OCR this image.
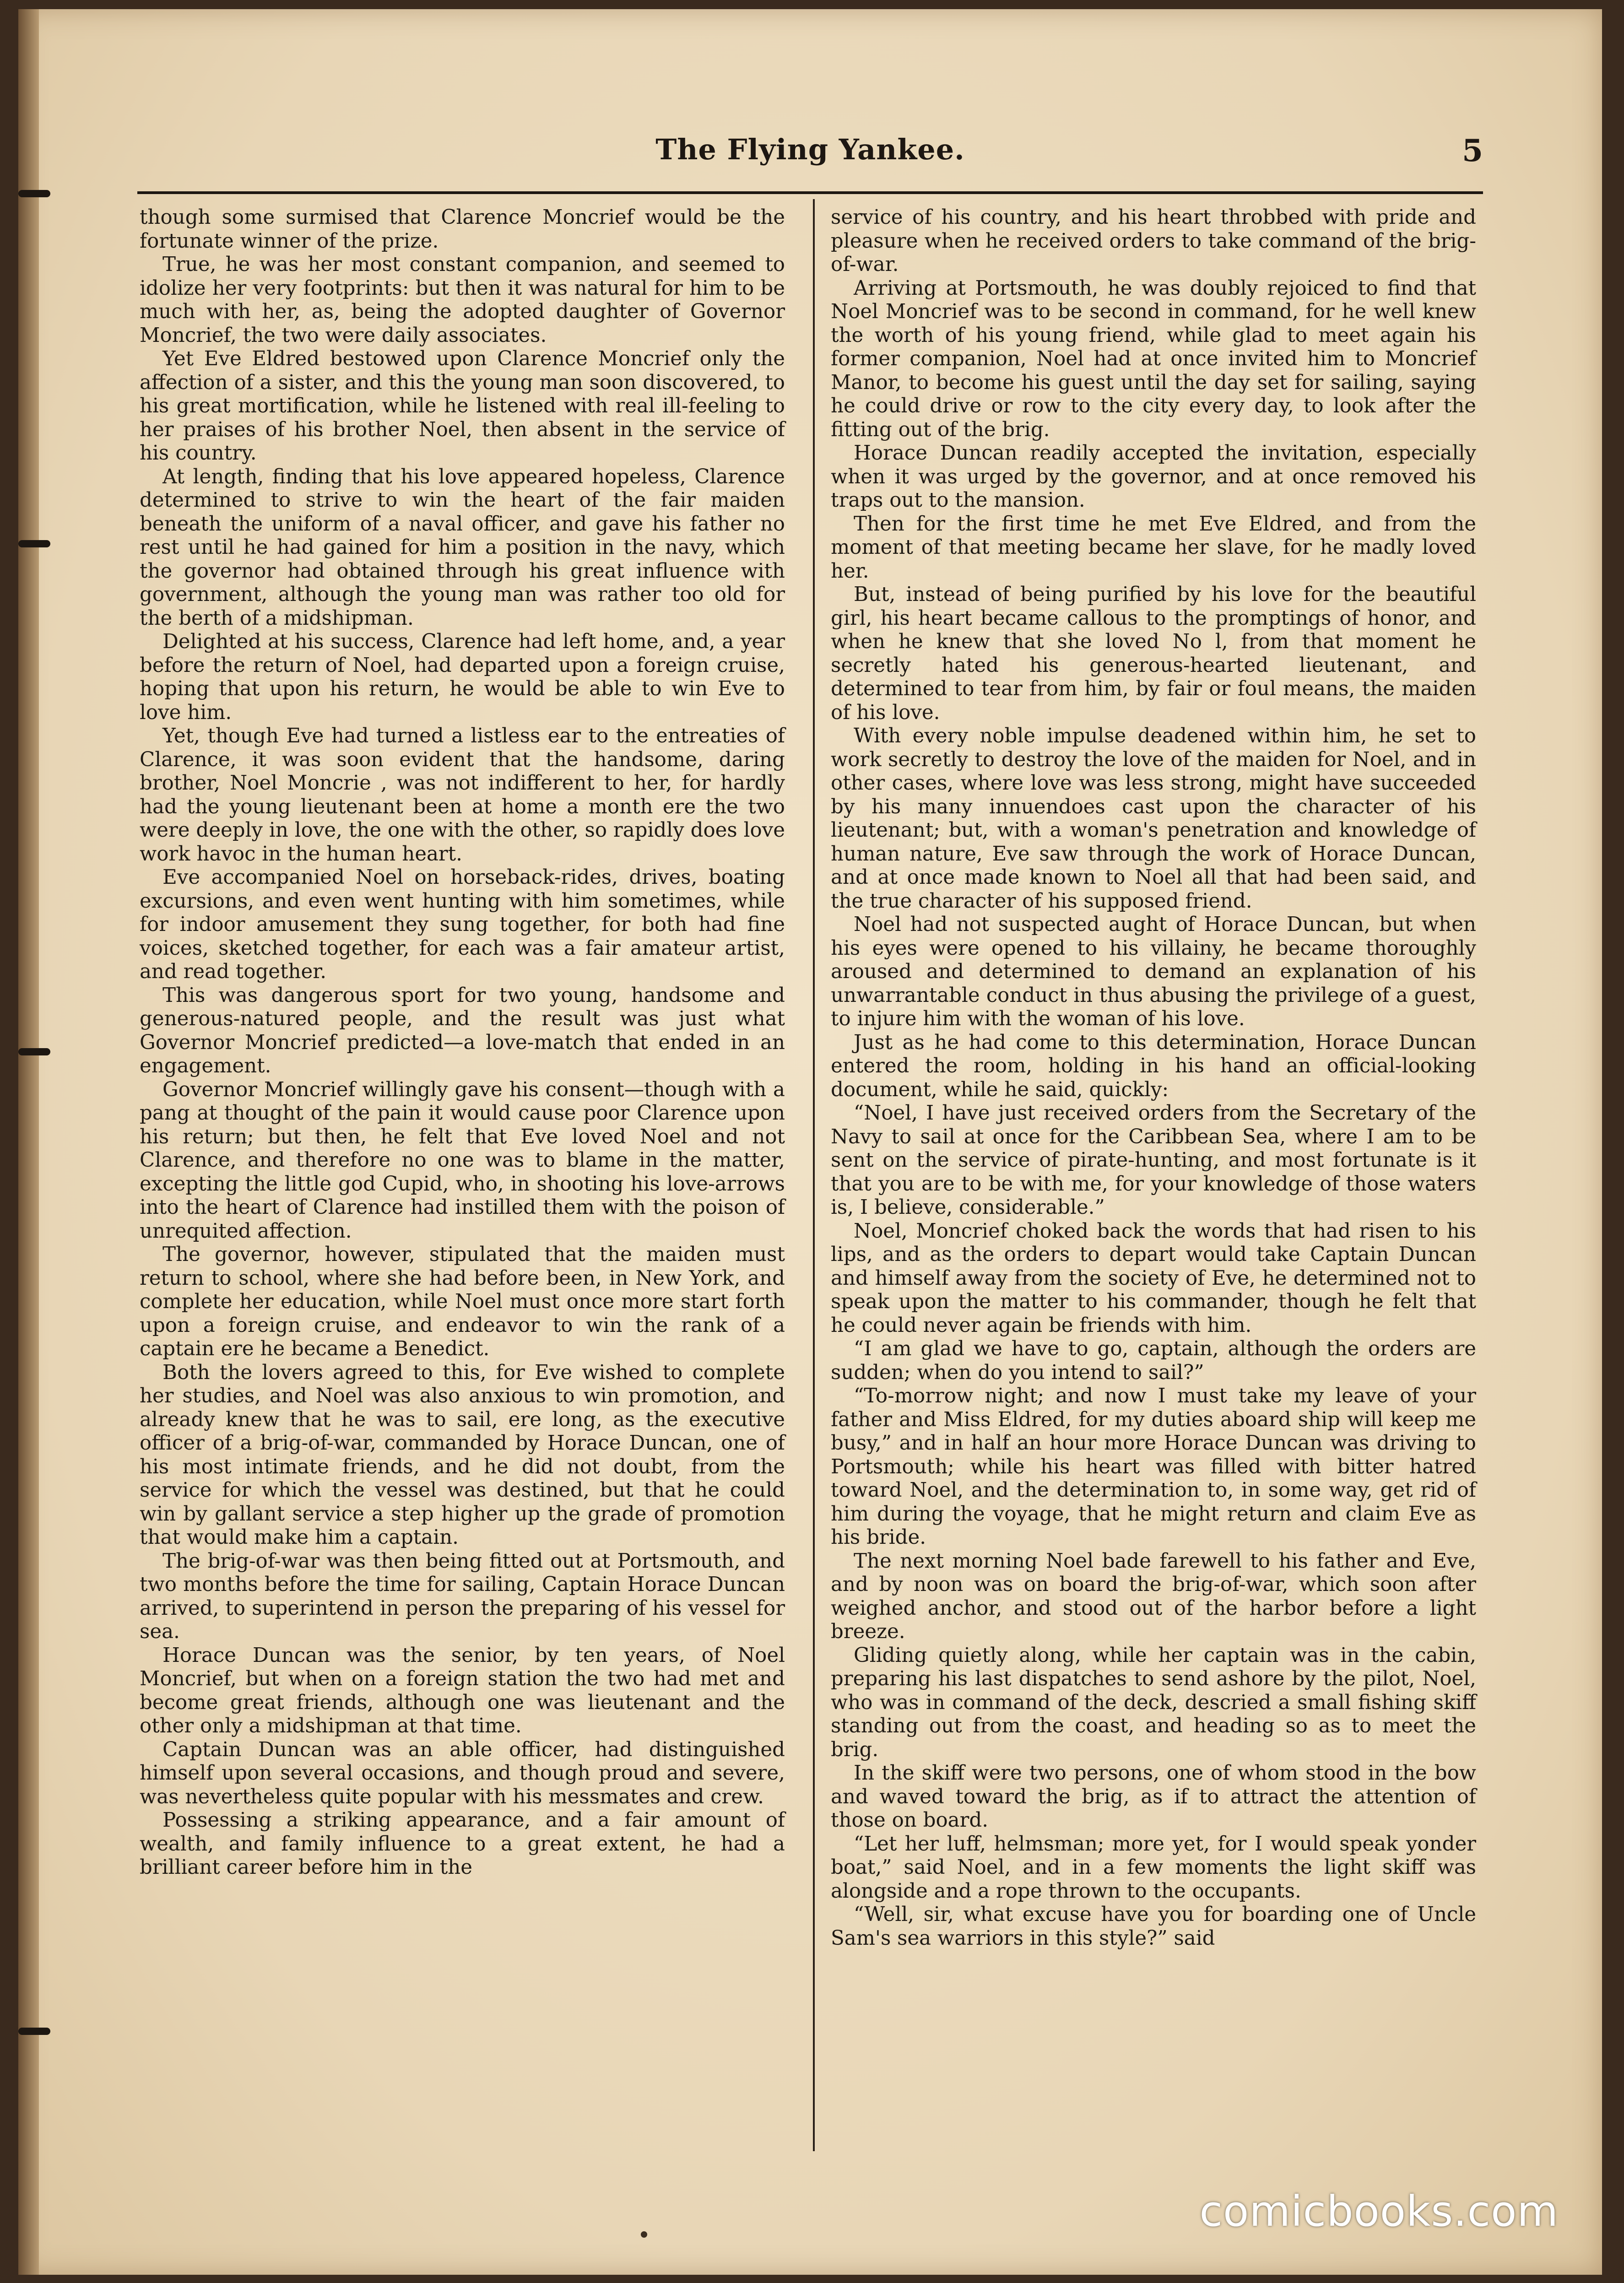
The Flying Yankee.	5

though some surmised that Clarence Moncrief would be the fortunate winner of the prize.

True, he was her most constant companion, and seemed to idolize her very footprints: but then it was natural for him to be much with her, as, being the adopted daughter of Governor Moncrief, the two were daily associates.

Yet Eve Eldred bestowed upon Clarence Moncrief only the affection of a sister, and this the young man soon discovered, to his great mortification, while he listened with real ill-feeling to her praises of his brother Noel, then absent in the service of his country.

At length, finding that his love appeared hopeless, Clarence determined to strive to win the heart of the fair maiden beneath the uniform of a naval officer, and gave his father no rest until he had gained for him a position in the navy, which the governor had obtained through his great influence with government, although the young man was rather too old for the berth of a midshipman.

Delighted at his success, Clarence had left home, and, a year before the return of Noel, had departed upon a foreign cruise, hoping that upon his return, he would be able to win Eve to love him.

Yet, though Eve had turned a listless ear to the entreaties of Clarence, it was soon evident that the handsome, daring brother, Noel Moncrie , was not indifferent to her, for hardly had the young lieutenant been at home a month ere the two were deeply in love, the one with the other, so rapidly does love work havoc in the human heart.

Eve accompanied Noel on horseback-rides, drives, boating excursions, and even went hunting with him sometimes, while for indoor amusement they sung together, for both had fine voices, sketched together, for each was a fair amateur artist, and read together.

This was dangerous sport for two young, handsome and generous-natured people, and the result was just what Governor Moncrief predicted—a love-match that ended in an engagement.

Governor Moncrief willingly gave his consent—though with a pang at thought of the pain it would cause poor Clarence upon his return; but then, he felt that Eve loved Noel and not Clarence, and therefore no one was to blame in the matter, excepting the little god Cupid, who, in shooting his love-arrows into the heart of Clarence had instilled them with the poison of unrequited affection.

The governor, however, stipulated that the maiden must return to school, where she had before been, in New York, and complete her education, while Noel must once more start forth upon a foreign cruise, and endeavor to win the rank of a captain ere he became a Benedict.

Both the lovers agreed to this, for Eve wished to complete her studies, and Noel was also anxious to win promotion, and already knew that he was to sail, ere long, as the executive officer of a brig-of-war, commanded by Horace Duncan, one of his most intimate friends, and he did not doubt, from the service for which the vessel was destined, but that he could win by gallant service a step higher up the grade of promotion that would make him a captain.

The brig-of-war was then being fitted out at Portsmouth, and two months before the time for sailing, Captain Horace Duncan arrived, to superintend in person the preparing of his vessel for sea.

Horace Duncan was the senior, by ten years, of Noel Moncrief, but when on a foreign station the two had met and become great friends, although one was lieutenant and the other only a midshipman at that time.

Captain Duncan was an able officer, had distinguished himself upon several occasions, and though proud and severe, was nevertheless quite popular with his messmates and crew.

Possessing a striking appearance, and a fair amount of wealth, and family influence to a great extent, he had a brilliant career before him in the

service of his country, and his heart throbbed with pride and pleasure when he received orders to take command of the brig-of-war.

Arriving at Portsmouth, he was doubly rejoiced to find that Noel Moncrief was to be second in command, for he well knew the worth of his young friend, while glad to meet again his former companion, Noel had at once invited him to Moncrief Manor, to become his guest until the day set for sailing, saying he could drive or row to the city every day, to look after the fitting out of the brig.

Horace Duncan readily accepted the invitation, especially when it was urged by the governor, and at once removed his traps out to the mansion.

Then for the first time he met Eve Eldred, and from the moment of that meeting became her slave, for he madly loved her.

But, instead of being purified by his love for the beautiful girl, his heart became callous to the promptings of honor, and when he knew that she loved No l, from that moment he secretly hated his generous-hearted lieutenant, and determined to tear from him, by fair or foul means, the maiden of his love.

With every noble impulse deadened within him, he set to work secretly to destroy the love of the maiden for Noel, and in other cases, where love was less strong, might have succeeded by his many innuendoes cast upon the character of his lieutenant; but, with a woman's penetration and knowledge of human nature, Eve saw through the work of Horace Duncan, and at once made known to Noel all that had been said, and the true character of his supposed friend.

Noel had not suspected aught of Horace Duncan, but when his eyes were opened to his villainy, he became thoroughly aroused and determined to demand an explanation of his unwarrantable conduct in thus abusing the privilege of a guest, to injure him with the woman of his love.

Just as he had come to this determination, Horace Duncan entered the room, holding in his hand an official-looking document, while he said, quickly:

“Noel, I have just received orders from the Secretary of the Navy to sail at once for the Caribbean Sea, where I am to be sent on the service of pirate-hunting, and most fortunate is it that you are to be with me, for your knowledge of those waters is, I believe, considerable.”

Noel, Moncrief choked back the words that had risen to his lips, and as the orders to depart would take Captain Duncan and himself away from the society of Eve, he determined not to speak upon the matter to his commander, though he felt that he could never again be friends with him.

“I am glad we have to go, captain, although the orders are sudden; when do you intend to sail?”

“To-morrow night; and now I must take my leave of your father and Miss Eldred, for my duties aboard ship will keep me busy,” and in half an hour more Horace Duncan was driving to Portsmouth; while his heart was filled with bitter hatred toward Noel, and the determination to, in some way, get rid of him during the voyage, that he might return and claim Eve as his bride.

The next morning Noel bade farewell to his father and Eve, and by noon was on board the brig-of-war, which soon after weighed anchor, and stood out of the harbor before a light breeze.

Gliding quietly along, while her captain was in the cabin, preparing his last dispatches to send ashore by the pilot, Noel, who was in command of the deck, descried a small fishing skiff standing out from the coast, and heading so as to meet the brig.

In the skiff were two persons, one of whom stood in the bow and waved toward the brig, as if to attract the attention of those on board.

“Let her luff, helmsman; more yet, for I would speak yonder boat,” said Noel, and in a few moments the light skiff was alongside and a rope thrown to the occupants.

“Well, sir, what excuse have you for boarding one of Uncle Sam's sea warriors in this style?” said

comicbooks.com
